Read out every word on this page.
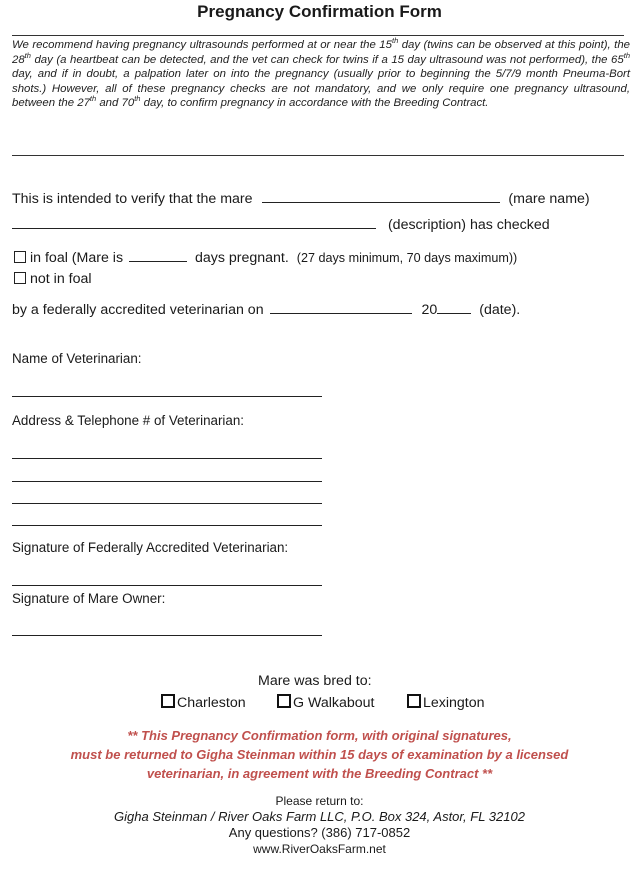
Pregnancy Confirmation Form
We recommend having pregnancy ultrasounds performed at or near the 15th day (twins can be observed at this point), the 28th day (a heartbeat can be detected, and the vet can check for twins if a 15 day ultrasound was not performed), the 65th day, and if in doubt, a palpation later on into the pregnancy (usually prior to beginning the 5/7/9 month Pneuma-Bort shots.) However, all of these pregnancy checks are not mandatory, and we only require one pregnancy ultrasound, between the 27th and 70th day, to confirm pregnancy in accordance with the Breeding Contract.
This is intended to verify that the mare	(mare name)
(description) has checked
in foal (Mare is	days pregnant. (27 days minimum, 70 days maximum))
not in foal
by a federally accredited veterinarian on	20	(date).
Name of Veterinarian:
Address & Telephone # of Veterinarian:
Signature of Federally Accredited Veterinarian:
Signature of Mare Owner:
Mare was bred to:
Charleston	G Walkabout	Lexington
** This Pregnancy Confirmation form, with original signatures,
must be returned to Gigha Steinman within 15 days of examination by a licensed
veterinarian, in agreement with the Breeding Contract **
Please return to:
Gigha Steinman / River Oaks Farm LLC, P.O. Box 324, Astor, FL 32102
Any questions? (386) 717-0852
www.RiverOaksFarm.net
